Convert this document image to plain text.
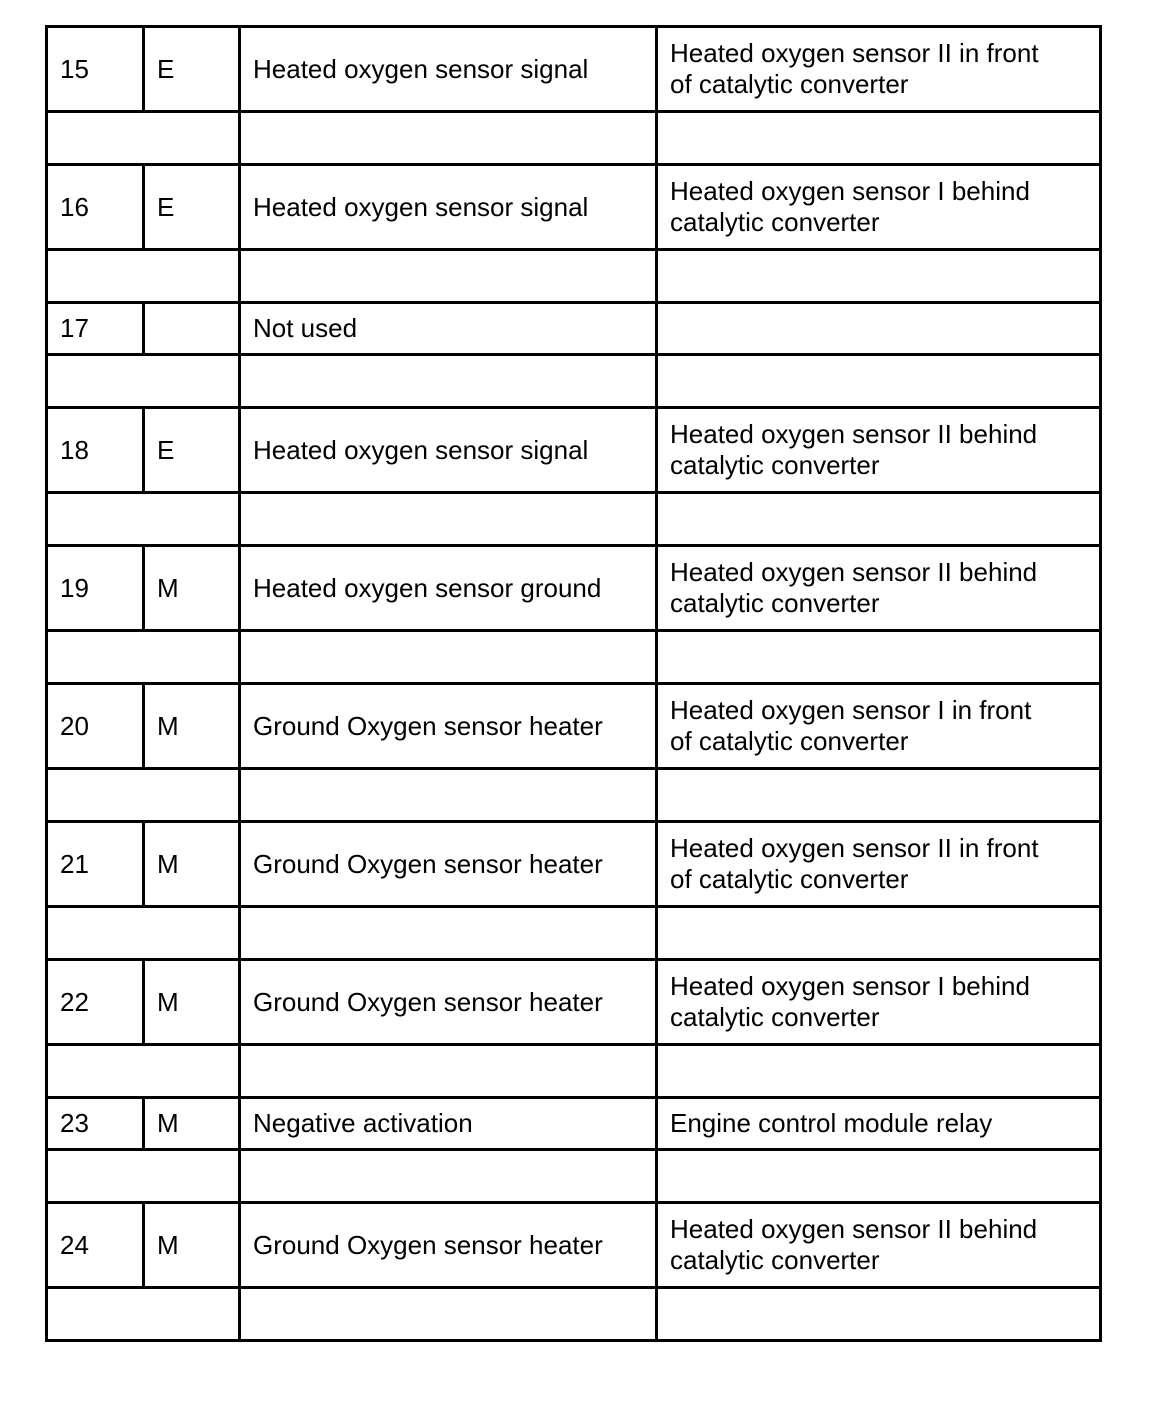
15	E	Heated oxygen sensor signal	Heated oxygen sensor II in front
of catalytic converter

16	E	Heated oxygen sensor signal	Heated oxygen sensor I behind
catalytic converter

17		Not used	

18	E	Heated oxygen sensor signal	Heated oxygen sensor II behind
catalytic converter

19	M	Heated oxygen sensor ground	Heated oxygen sensor II behind
catalytic converter

20	M	Ground Oxygen sensor heater	Heated oxygen sensor I in front
of catalytic converter

21	M	Ground Oxygen sensor heater	Heated oxygen sensor II in front
of catalytic converter

22	M	Ground Oxygen sensor heater	Heated oxygen sensor I behind
catalytic converter

23	M	Negative activation	Engine control module relay

24	M	Ground Oxygen sensor heater	Heated oxygen sensor II behind
catalytic converter
